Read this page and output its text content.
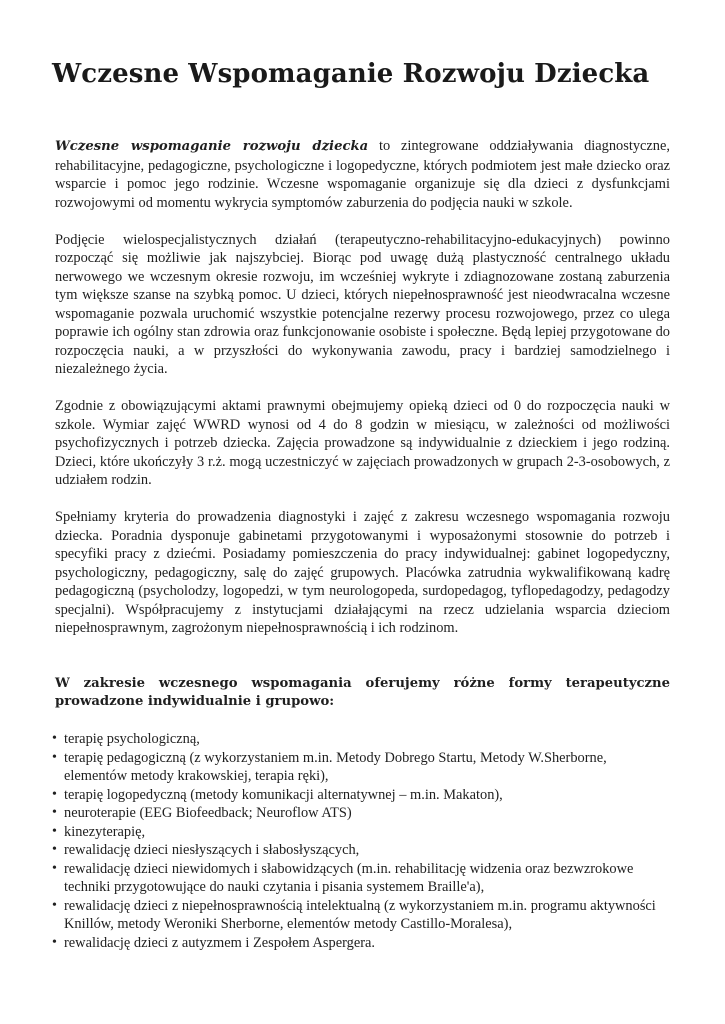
Wczesne Wspomaganie Rozwoju Dziecka

Wczesne wspomaganie rozwoju dziecka to zintegrowane oddziaływania diagnostyczne, rehabilitacyjne, pedagogiczne, psychologiczne i logopedyczne, których podmiotem jest małe dziecko oraz wsparcie i pomoc jego rodzinie. Wczesne wspomaganie organizuje się dla dzieci z dysfunkcjami rozwojowymi od momentu wykrycia symptomów zaburzenia do podjęcia nauki w szkole.

Podjęcie wielospecjalistycznych działań (terapeutyczno-rehabilitacyjno-edukacyjnych) powinno rozpocząć się możliwie jak najszybciej. Biorąc pod uwagę dużą plastyczność centralnego układu nerwowego we wczesnym okresie rozwoju, im wcześniej wykryte i zdiagnozowane zostaną zaburzenia tym większe szanse na szybką pomoc. U dzieci, których niepełnosprawność jest nieodwracalna wczesne wspomaganie pozwala uruchomić wszystkie potencjalne rezerwy procesu rozwojowego, przez co ulega poprawie ich ogólny stan zdrowia oraz funkcjonowanie osobiste i społeczne. Będą lepiej przygotowane do rozpoczęcia nauki, a w przyszłości do wykonywania zawodu, pracy i bardziej samodzielnego i niezależnego życia.

Zgodnie z obowiązującymi aktami prawnymi obejmujemy opieką dzieci od 0 do rozpoczęcia nauki w szkole. Wymiar zajęć WWRD wynosi od 4 do 8 godzin w miesiącu, w zależności od możliwości psychofizycznych i potrzeb dziecka. Zajęcia prowadzone są indywidualnie z dzieckiem i jego rodziną. Dzieci, które ukończyły 3 r.ż. mogą uczestniczyć w zajęciach prowadzonych w grupach 2-3-osobowych, z udziałem rodzin.

Spełniamy kryteria do prowadzenia diagnostyki i zajęć z zakresu wczesnego wspomagania rozwoju dziecka. Poradnia dysponuje gabinetami przygotowanymi i wyposażonymi stosownie do potrzeb i specyfiki pracy z dziećmi. Posiadamy pomieszczenia do pracy indywidualnej: gabinet logopedyczny, psychologiczny, pedagogiczny, salę do zajęć grupowych. Placówka zatrudnia wykwalifikowaną kadrę pedagogiczną (psycholodzy, logopedzi, w tym neurologopeda, surdopedagog, tyflopedagodzy, pedagodzy specjalni). Współpracujemy z instytucjami działającymi na rzecz udzielania wsparcia dzieciom niepełnosprawnym, zagrożonym niepełnosprawnością i ich rodzinom.

W zakresie wczesnego wspomagania oferujemy różne formy terapeutyczne prowadzone indywidualnie i grupowo:

• terapię psychologiczną,
• terapię pedagogiczną (z wykorzystaniem m.in. Metody Dobrego Startu, Metody W.Sherborne, elementów metody krakowskiej, terapia ręki),
• terapię logopedyczną (metody komunikacji alternatywnej – m.in. Makaton),
• neuroterapie (EEG Biofeedback; Neuroflow ATS)
• kinezyterapię,
• rewalidację dzieci niesłyszących i słabosłyszących,
• rewalidację dzieci niewidomych i słabowidzących (m.in. rehabilitację widzenia oraz bezwzrokowe techniki przygotowujące do nauki czytania i pisania systemem Braille'a),
• rewalidację dzieci z niepełnosprawnością intelektualną (z wykorzystaniem m.in. programu aktywności Knillów, metody Weroniki Sherborne, elementów metody Castillo-Moralesa),
• rewalidację dzieci z autyzmem i Zespołem Aspergera.
